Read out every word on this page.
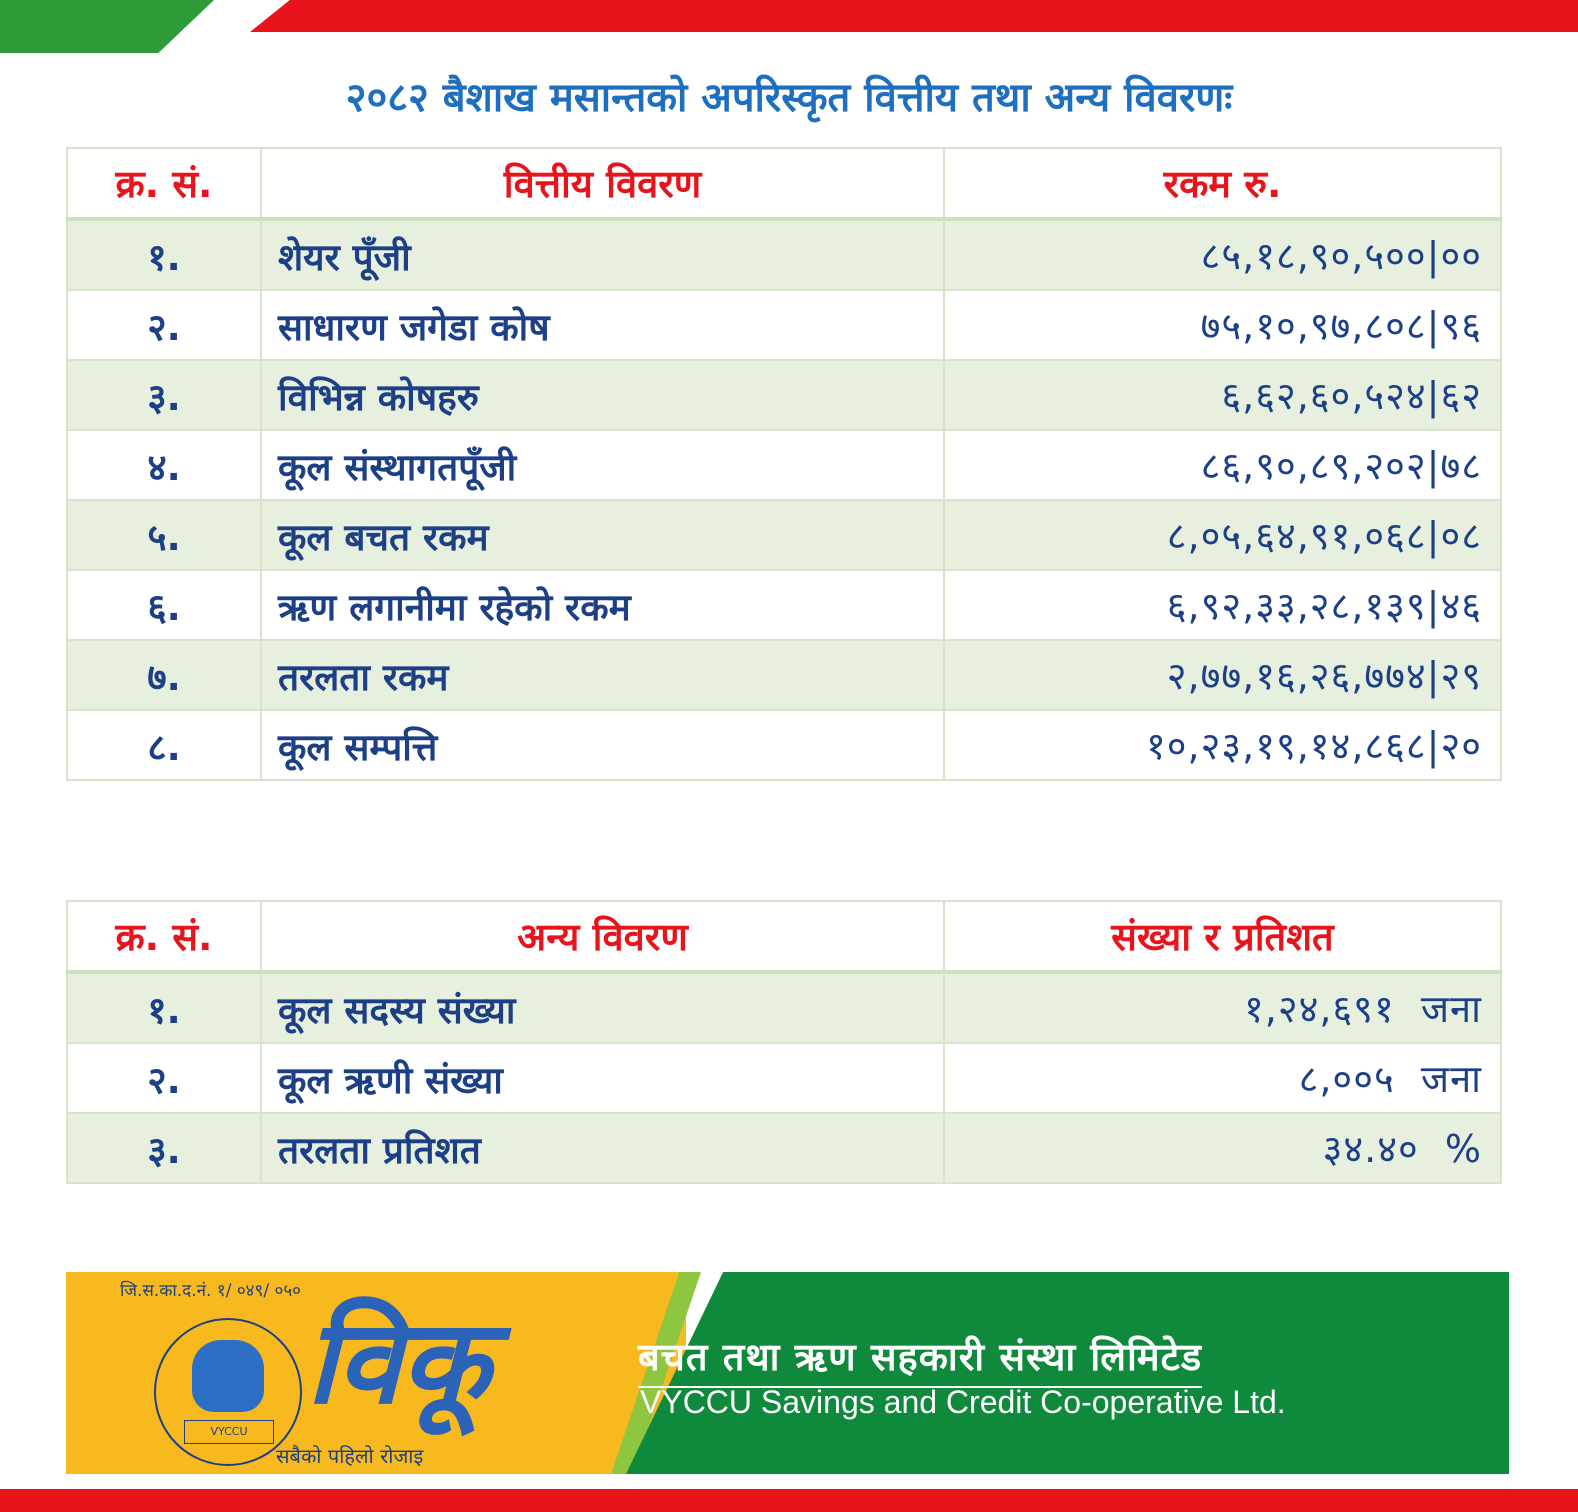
२०८२ बैशाख मसान्तको अपरिस्कृत वित्तीय तथा अन्य विवरणः
क्र. सं.	वित्तीय विवरण	रकम रु.
१.	शेयर पूँजी	८५,१८,९०,५००|००
२.	साधारण जगेडा कोष	७५,१०,९७,८०८|९६
३.	विभिन्न कोषहरु	६,६२,६०,५२४|६२
४.	कूल संस्थागतपूँजी	८६,९०,८९,२०२|७८
५.	कूल बचत रकम	८,०५,६४,९१,०६८|०८
६.	ऋण लगानीमा रहेको रकम	६,९२,३३,२८,१३९|४६
७.	तरलता रकम	२,७७,१६,२६,७७४|२९
८.	कूल सम्पत्ति	१०,२३,१९,१४,८६८|२०
क्र. सं.	अन्य विवरण	संख्या र प्रतिशत
१.	कूल सदस्य संख्या	१,२४,६९१  जना
२.	कूल ऋणी संख्या	८,००५  जना
३.	तरलता प्रतिशत	३४.४०  %
जि.स.का.द.नं. १/ ०४९/ ०५०
VYCCU
विकू
सबैको पहिलो रोजाइ
बचत तथा ऋण सहकारी संस्था लिमिटेड
VYCCU Savings and Credit Co-operative Ltd.
